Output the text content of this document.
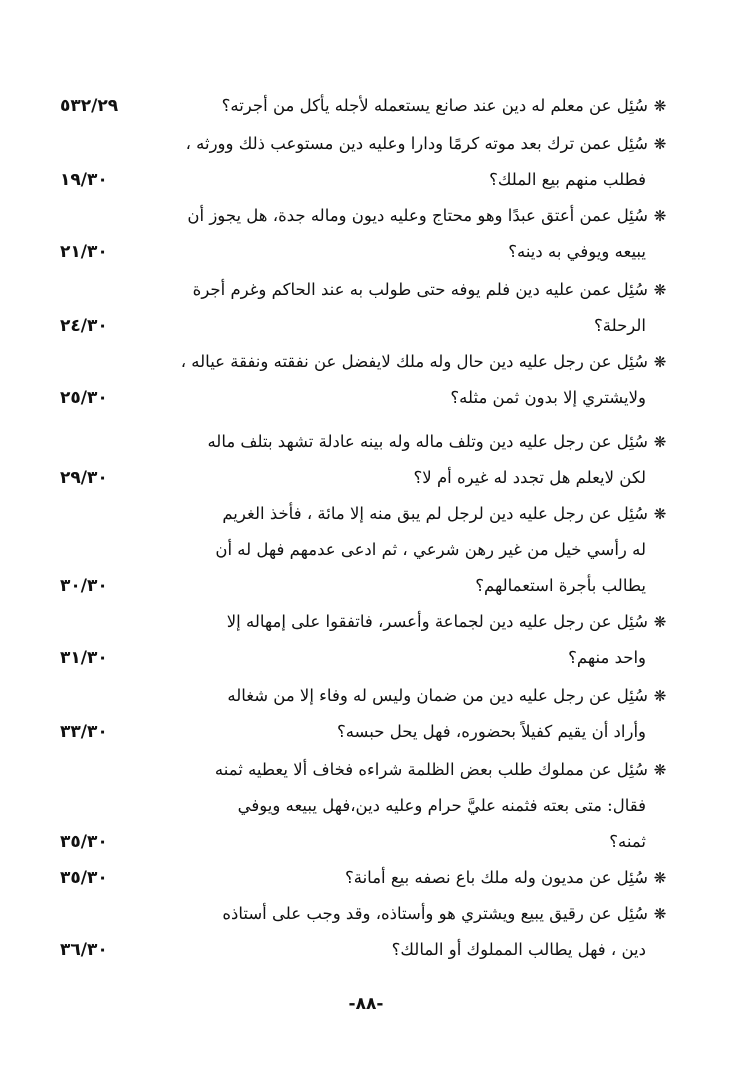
❋سُئِل عن معلم له دين عند صانع يستعمله لأجله يأكل من أجرته؟
٥٣٢/٢٩
❋سُئِل عمن ترك بعد موته كرمًا ودارا وعليه دين مستوعب ذلك وورثه ،
فطلب منهم بيع الملك؟
١٩/٣٠
❋سُئِل عمن أعتق عبدًا وهو محتاج وعليه ديون وماله جدة، هل يجوز أن
يبيعه ويوفي به دينه؟
٢١/٣٠
❋سُئِل عمن عليه دين فلم يوفه حتى طولب به عند الحاكم وغرم أجرة
الرحلة؟
٢٤/٣٠
❋سُئِل عن رجل عليه دين حال وله ملك لايفضل عن نفقته ونفقة عياله ،
ولايشتري إلا بدون ثمن مثله؟
٢٥/٣٠
❋سُئِل عن رجل عليه دين وتلف ماله وله بينه عادلة تشهد بتلف ماله
لكن لايعلم هل تجدد له غيره أم لا؟
٢٩/٣٠
❋سُئِل عن رجل عليه دين لرجل لم يبق منه إلا مائة ، فأخذ الغريم
له رأسي خيل من غير رهن شرعي ، ثم ادعى عدمهم فهل له أن
يطالب بأجرة استعمالهم؟
٣٠/٣٠
❋سُئِل عن رجل عليه دين لجماعة وأعسر، فاتفقوا على إمهاله إلا
واحد منهم؟
٣١/٣٠
❋سُئِل عن رجل عليه دين من ضمان وليس له وفاء إلا من شغاله
وأراد أن يقيم كفيلاً بحضوره، فهل يحل حبسه؟
٣٣/٣٠
❋سُئِل عن مملوك طلب بعض الظلمة شراءه فخاف ألا يعطيه ثمنه
فقال: متى بعته فثمنه عليَّ حرام وعليه دين،فهل يبيعه ويوفي
ثمنه؟
٣٥/٣٠
❋سُئِل عن مديون وله ملك باع نصفه بيع أمانة؟
٣٥/٣٠
❋سُئِل عن رقيق يبيع ويشتري هو وأستاذه، وقد وجب على أستاذه
دين ، فهل يطالب المملوك أو المالك؟
٣٦/٣٠
-٨٨-
